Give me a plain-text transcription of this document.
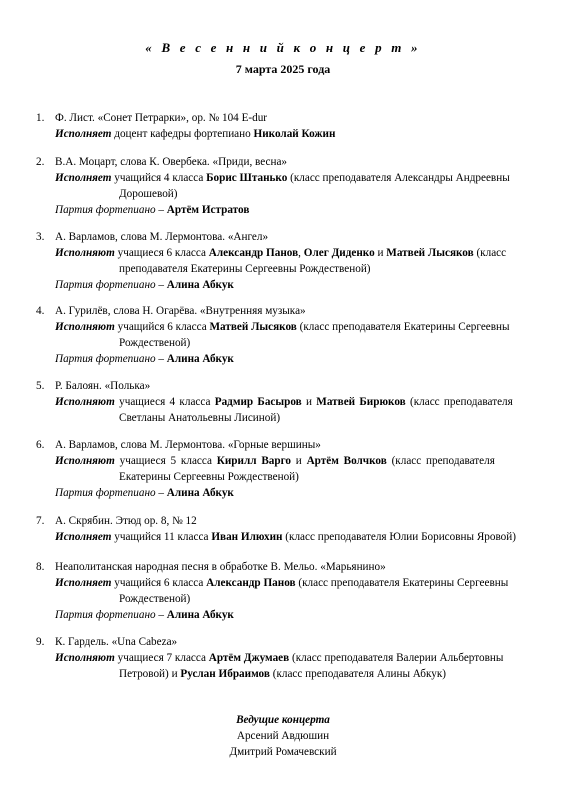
« В е с е н н и й к о н ц е р т »
7 марта 2025 года
1. Ф. Лист. «Сонет Петрарки», ор. № 104 E-dur
Исполняет доцент кафедры фортепиано Николай Кожин
2. В.А. Моцарт, слова К. Овербека. «Приди, весна»
Исполняет учащийся 4 класса Борис Штанько (класс преподавателя Александры Андреевны
Дорошевой)
Партия фортепиано – Артём Истратов
3. А. Варламов, слова М. Лермонтова. «Ангел»
Исполняют учащиеся 6 класса Александр Панов, Олег Диденко и Матвей Лысяков (класс
преподавателя Екатерины Сергеевны Рождественой)
Партия фортепиано – Алина Абкук
4. А. Гурилёв, слова Н. Огарёва. «Внутренняя музыка»
Исполняют учащийся 6 класса Матвей Лысяков (класс преподавателя Екатерины Сергеевны
Рождественой)
Партия фортепиано – Алина Абкук
5. Р. Балоян. «Полька»
Исполняют учащиеся 4 класса Радмир Басыров и Матвей Бирюков (класс преподавателя
Светланы Анатольевны Лисиной)
6. А. Варламов, слова М. Лермонтова. «Горные вершины»
Исполняют учащиеся 5 класса Кирилл Варго и Артём Волчков (класс преподавателя
Екатерины Сергеевны Рождественой)
Партия фортепиано – Алина Абкук
7. А. Скрябин. Этюд ор. 8, № 12
Исполняет учащийся 11 класса Иван Илюхин (класс преподавателя Юлии Борисовны Яровой)
8. Неаполитанская народная песня в обработке В. Мельо. «Марьянино»
Исполняет учащийся 6 класса Александр Панов (класс преподавателя Екатерины Сергеевны
Рождественой)
Партия фортепиано – Алина Абкук
9. К. Гардель. «Una Cabeza»
Исполняют учащиеся 7 класса Артём Джумаев (класс преподавателя Валерии Альбертовны
Петровой) и Руслан Ибраимов (класс преподавателя Алины Абкук)
Ведущие концерта
Арсений Авдюшин
Дмитрий Ромачевский
